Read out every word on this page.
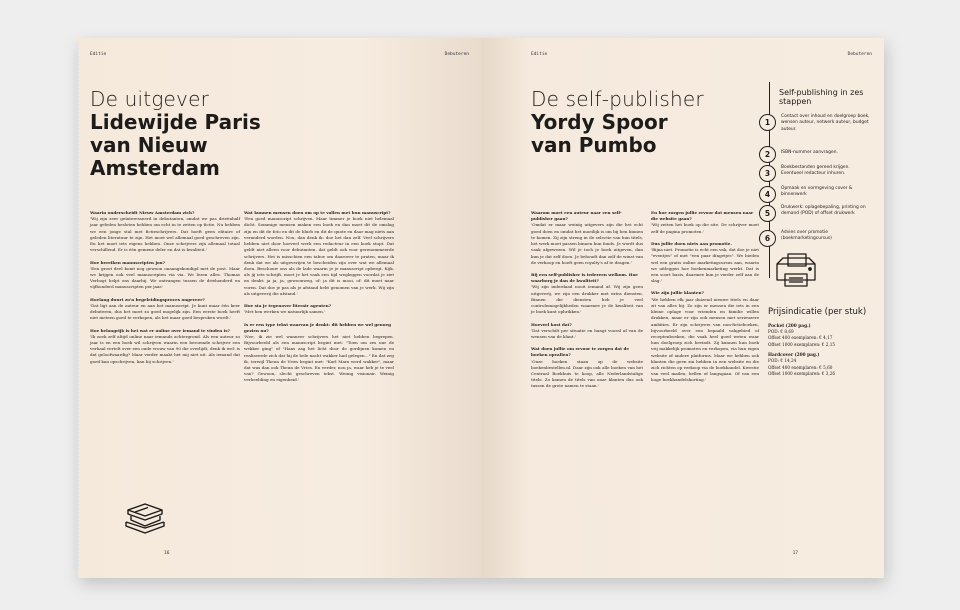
Editie	Debuteren
De uitgever
Lidewijde Paris
van Nieuw
Amsterdam
Waarin onderscheidt Nieuw Amsterdam zich?

'Wij zijn zeer geïnteresseerd in debutanten, omdat we pas drieënhalf jaar geleden besloten hebben om echt in te zetten op fictie. Nu hebben we een jonge stal met fictieschrijvers. Dat hoeft geen elitaire of geleden literatuur te zijn. Het moet wel allemaal goed geschreven zijn. En het moet iets eigens hebben. Onze schrijvers zijn allemaal totaal verschillend. Er is één gemene deler en dat is kwaliteit.'

Hoe bereiken manuscripten jou?

'Een groot deel komt nog gewoon onaangekondigd met de post. Maar we krijgen ook veel manuscripten via via. We lezen alles. Thomas Verbogt helpt ons daarbij. We ontvangen tussen de driehonderd en vijfhonderd manuscripten per jaar.'

Hoelang duurt zo'n begeleidingsproces ongeveer?

'Dat ligt aan de auteur en aan het manuscript. Je kunt maar één keer debuteren, dus het moet zo goed mogelijk zijn. Een eerste boek heeft niet meteen goed te verkopen, als het maar goed besproken wordt.'

Hoe belangrijk is het wat er online over iemand te vinden is?

'Ik zoek zelf altijd online naar iemands achtergrond. Als een auteur zo jaar is en een boek wil schrijven waarin een beroemde schrijver een verhaal vertelt over een oude vrouw van 90 die overlijdt, denk ik wel: is dat geloofwaardig? Maar verder maakt het mij niet uit. Als iemand dat goed kan opschrijven, kan hij schrijven.'

Wat kunnen mensen doen om op te vallen met hun manuscript?

'Een goed manuscript schrijven. Maar timmer je boek niet helemaal dicht. Sommige mensen maken een boek en dan moet dit de omslag zijn en dit de foto en dit de blurb en dit de quote en daar mag niets aan veranderd worden. Nou, dan denk ik: doe het dan zelf. Veel schrijvers hebben niet door hoeveel werk een redacteur in een boek stopt. Dat geldt niet alleen voor debutanten, dat geldt ook voor gerenommeerde schrijvers. Het is misschien een taboe om daarover te praten, maar ik denk dat we als uitgeverijen te bescheiden zijn over wat we allemaal doen. Beschouw ons als de lade waarin je je manuscript opbergt. Kijk, als jij iets schrijft, moet je het vaak een tijd wegleggen voordat je ziet en denkt: ja ja, ja, gewoonweg, of: ja dit is mooi, of: dit moet naar voren. Dat doe je pas als je afstand hebt genomen van je werk. Wij zijn als uitgeverij die afstand.'

Hoe sta je tegenover literair agenten?

'Met hen werken we natuurlijk samen.'

Is er een type tekst waarvan je denkt: dit hebben we wel genoeg gezien nu?

'Nee, ik zie wel wanneer schrijvers het niet hebben begrepen. Bijvoorbeeld als een manuscript begint met: "Toen om zes uur de wekker ging" of "Hans zag het licht door de gordijnen komen en realiseerde zich dat hij de hele nacht wakker had gelegen..." En dat zeg ik, terwijl Theun de Vries begint met: "Karl Marx werd wakker", maar dat was dan ook Theun de Vries. En verder, nou ja, waar heb je te veel van? Gewoon, slecht geschreven tekst. Weinig visionair. Weinig verbeelding en eigenheid.'

16
Editie	Debuteren
De self-publisher
Yordy Spoor
van Pumbo
Waarom moet een auteur naar een self-publisher gaan?

'Omdat er maar weinig uitgevers zijn die het echt goed doen en omdat het moeilijk is om bij hen binnen te komen. Zij zijn streng in de selectie van hun titels, het werk moet passen binnen hun fonds. Je wordt dus vaak afgewezen. Wil je toch je boek uitgeven, dan kun je dat zelf doen. Je behoudt dan zelf de winst van de verkoop en hoeft geen royalty's af te dragen.'

Bij een self-publisher is iedereen welkom. Hoe waarborg je dan de kwaliteit?

'Wij zijn inderdaad nooit iemand af. Wij zijn geen uitgeverij, we zijn een drukker met extra diensten. Binnen die diensten heb je veel controlemogelijkheden waarmee je de kwaliteit van je boek kunt ophrikken.'

Hoeveel kost dat?

'Dat verschilt per situatie en hangt vooral af van de wensen van de klant.'

Wat doen jullie om ervoor te zorgen dat de boeken opvallen?

'Onze boeken staan op de website boekenbestellen.nl. Daar zijn ook alle boeken van het Centraal Boekhuis te koop, alle Nederlandstalige titels. Zo komen de titels van onze klanten dus ook tussen de grote namen te staan.'

En hoe zorgen jullie ervoor dat mensen naar die website gaan?

'Wij zetten het boek op die site. De schrijver moet zelf de pagina promoten.'

Dus jullie doen niets aan promotie.

'Bijna niet. Promotie is echt een vak, dat doe je niet "eventjes" of met "een paar dingetjes". We bieden wel een gratis online marketingcursus aan, waarin we uitleggen hoe boekenmarketing werkt. Dat is een soort basis, daarmee kun je verder zelf aan de slag.'

Wie zijn jullie klanten?

'We hebben elk jaar duizend nieuwe titels en daar zit van alles bij. Zo zijn er mensen die iets in een kleine oplage voor vrienden en familie willen drukken, maar er zijn ook mensen met serieuzere ambities. Er zijn schrijvers van non-fictieboeken, bijvoorbeeld over een bepaald vakgebied of receptenboeken, die vaak heel goed weten waar hun doelgroep zich bevindt. Zij kunnen hun boek vrij makkelijk promoten en verkopen, via hun eigen website of andere platforms. Maar we hebben ook klanten die geen zin hebben in een website en die zich richten op verkoop via de boekhandel. Kwestie van veel mailen, bellen of langsgaan. Of van een hoge boekhandelskorting.'

Self-publishing in zes stappen
1
Contact over inhoud en doelgroep boek, wensen auteur, netwerk auteur, budget auteur.
2	ISBN-nummer aanvragen.
3
Boekbestanden gereed krijgen. Eventueel redacteur inhuren.
4
Opmaak en vormgeving cover & binnenwerk
5
Drukwerk: oplagebepaling, printing on demand (POD) of offset drukwerk
6
Advies over promotie (boekmarketingcursus)
Prijsindicatie (per stuk)
Pocket (200 pag.)
POD: € 8,69
Offset 400 exemplaren: € 4,17
Offset 1000 exemplaren: € 2,15
Hardcover (200 pag.)
POD: € 14,24
Offset 400 exemplaren: € 5,60
Offset 1000 exemplaren: € 3,26
17
